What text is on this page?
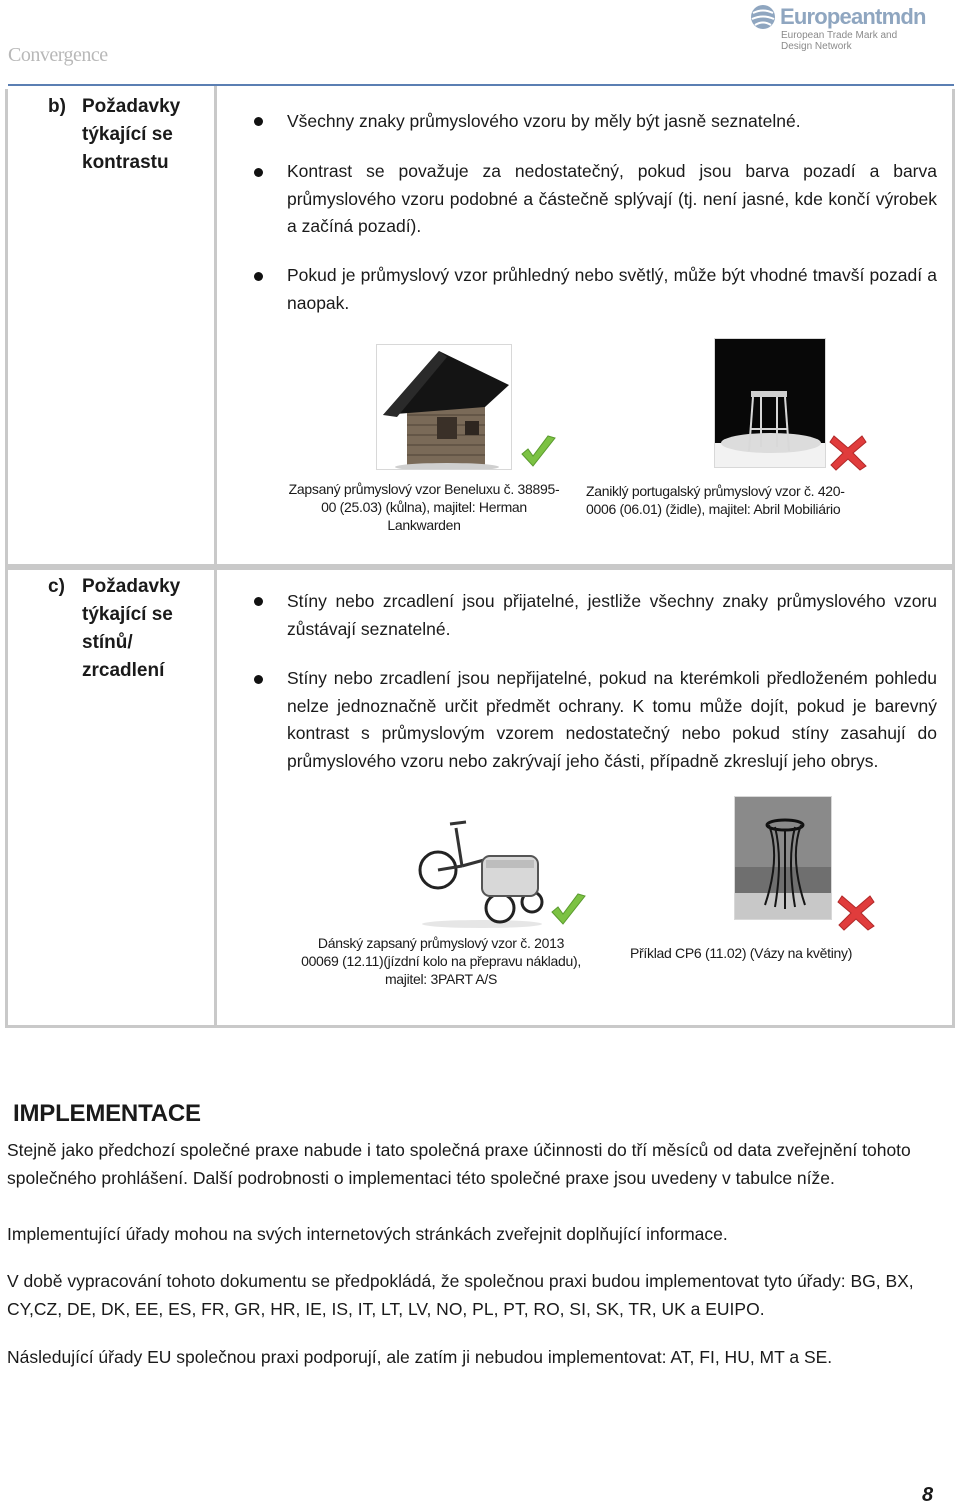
Convergence
Europeantmdn
European Trade Mark and
Design Network
b) Požadavky týkající se kontrastu
Všechny znaky průmyslového vzoru by měly být jasně seznatelné.
Kontrast se považuje za nedostatečný, pokud jsou barva pozadí a barva průmyslového vzoru podobné a částečně splývají (tj. není jasné, kde končí výrobek a začíná pozadí).
Pokud je průmyslový vzor průhledný nebo světlý, může být vhodné tmavší pozadí a naopak.
Zapsaný průmyslový vzor Beneluxu č. 38895-00 (25.03) (kůlna), majitel: Herman Lankwarden
Zaniklý portugalský průmyslový vzor č. 420-0006 (06.01) (židle), majitel: Abril Mobiliário
c) Požadavky týkající se stínů/ zrcadlení
Stíny nebo zrcadlení jsou přijatelné, jestliže všechny znaky průmyslového vzoru zůstávají seznatelné.
Stíny nebo zrcadlení jsou nepřijatelné, pokud na kterémkoli předloženém pohledu nelze jednoznačně určit předmět ochrany. K tomu může dojít, pokud je barevný kontrast s průmyslovým vzorem nedostatečný nebo pokud stíny zasahují do průmyslového vzoru nebo zakrývají jeho části, případně zkreslují jeho obrys.
Dánský zapsaný průmyslový vzor č. 2013 00069 (12.11)(jízdní kolo na přepravu nákladu), majitel: 3PART A/S
Příklad CP6 (11.02) (Vázy na květiny)
IMPLEMENTACE
Stejně jako předchozí společné praxe nabude i tato společná praxe účinnosti do tří měsíců od data zveřejnění tohoto společného prohlášení. Další podrobnosti o implementaci této společné praxe jsou uvedeny v tabulce níže.
Implementující úřady mohou na svých internetových stránkách zveřejnit doplňující informace.
V době vypracování tohoto dokumentu se předpokládá, že společnou praxi budou implementovat tyto úřady: BG, BX, CY,CZ, DE, DK, EE, ES, FR, GR, HR, IE, IS, IT, LT, LV, NO, PL, PT, RO, SI, SK, TR, UK a EUIPO.
Následující úřady EU společnou praxi podporují, ale zatím ji nebudou implementovat: AT, FI, HU, MT a SE.
8
